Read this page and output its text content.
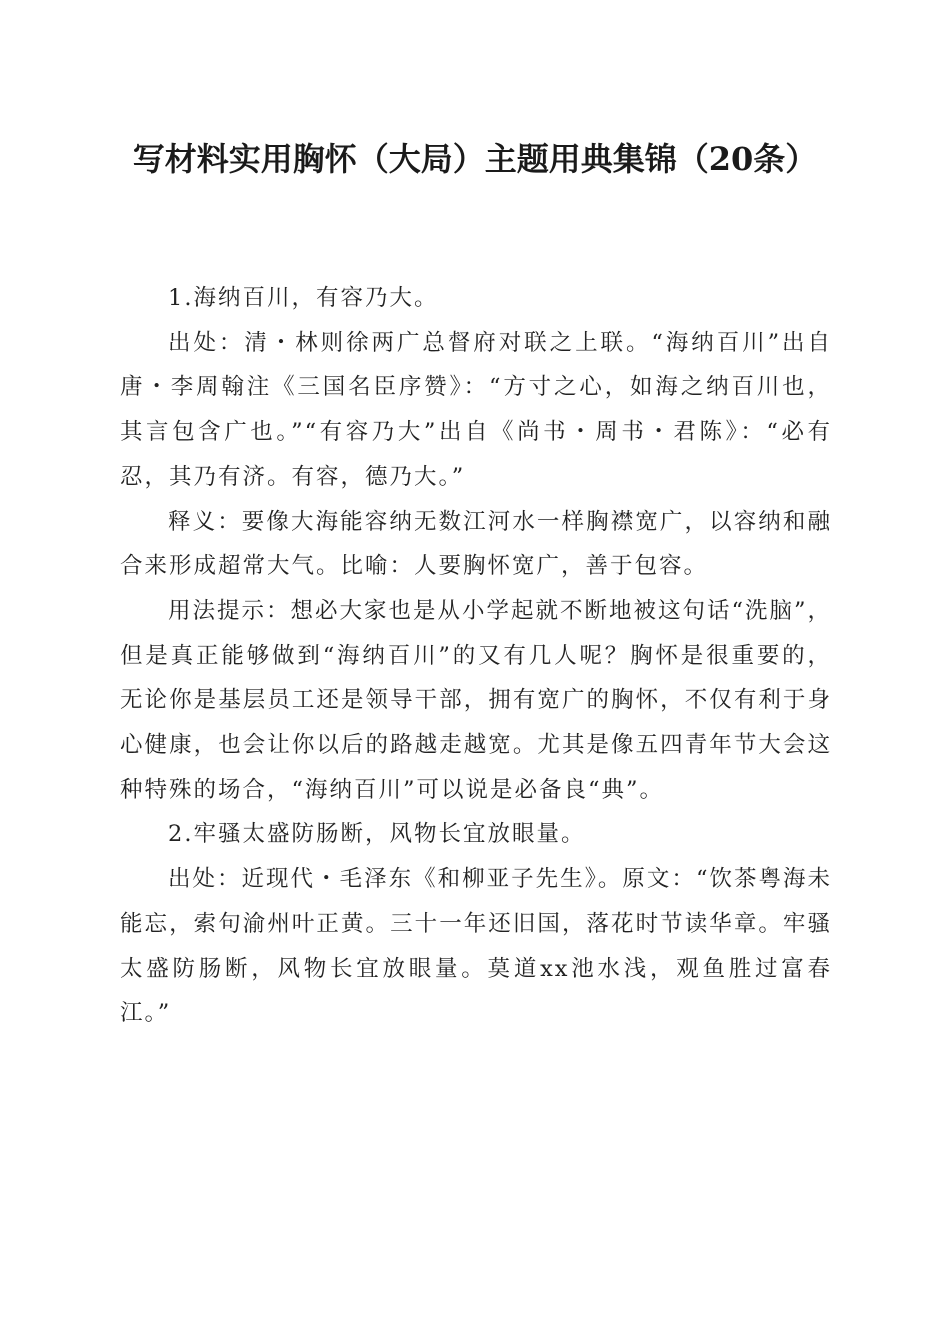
写材料实用胸怀（大局）主题用典集锦（20条）

1.海纳百川，有容乃大。

出处：清・林则徐两广总督府对联之上联。“海纳百川”出自唐・李周翰注《三国名臣序赞》：“方寸之心，如海之纳百川也，其言包含广也。”“有容乃大”出自《尚书・周书・君陈》：“必有忍，其乃有济。有容，德乃大。”

释义：要像大海能容纳无数江河水一样胸襟宽广，以容纳和融合来形成超常大气。比喻：人要胸怀宽广，善于包容。

用法提示：想必大家也是从小学起就不断地被这句话“洗脑”，但是真正能够做到“海纳百川”的又有几人呢？胸怀是很重要的，无论你是基层员工还是领导干部，拥有宽广的胸怀，不仅有利于身心健康，也会让你以后的路越走越宽。尤其是像五四青年节大会这种特殊的场合，“海纳百川”可以说是必备良“典”。

2.牢骚太盛防肠断，风物长宜放眼量。

出处：近现代・毛泽东《和柳亚子先生》。原文：“饮茶粤海未能忘，索句渝州叶正黄。三十一年还旧国，落花时节读华章。牢骚太盛防肠断，风物长宜放眼量。莫道xx池水浅，观鱼胜过富春江。”
